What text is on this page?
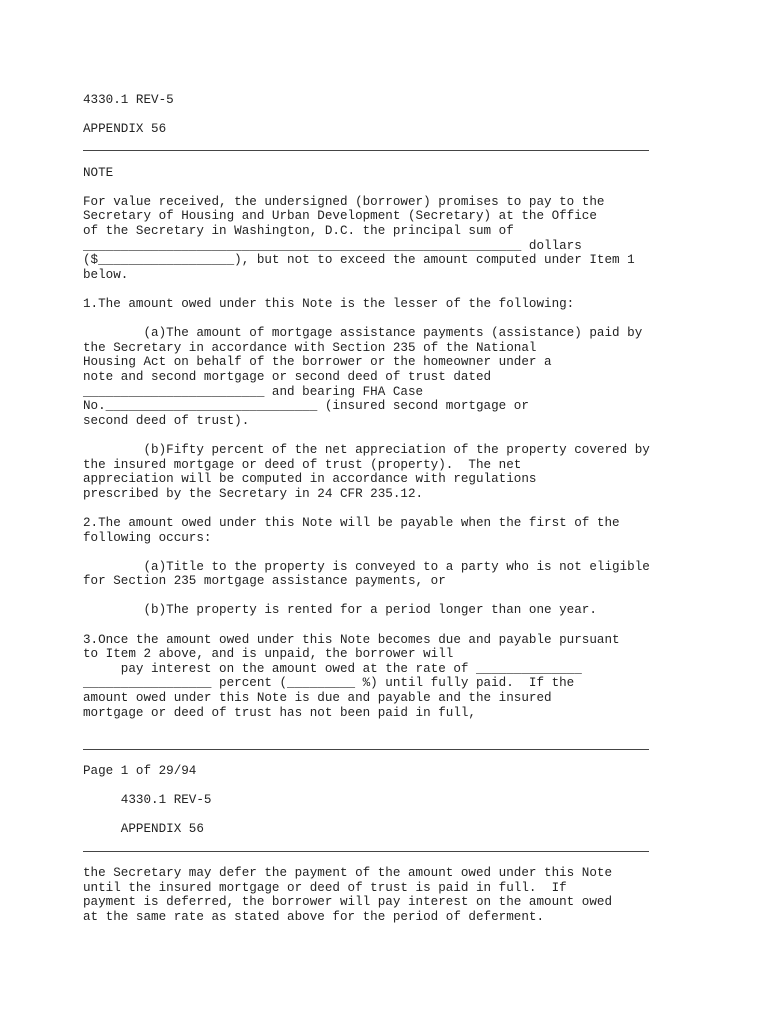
4330.1 REV-5
APPENDIX 56
NOTE
For value received, the undersigned (borrower) promises to pay to the
Secretary of Housing and Urban Development (Secretary) at the Office
of the Secretary in Washington, D.C. the principal sum of
__________________________________________________________ dollars
($__________________), but not to exceed the amount computed under Item 1
below.
1.The amount owed under this Note is the lesser of the following:
(a)The amount of mortgage assistance payments (assistance) paid by
the Secretary in accordance with Section 235 of the National
Housing Act on behalf of the borrower or the homeowner under a
note and second mortgage or second deed of trust dated
________________________ and bearing FHA Case
No.____________________________ (insured second mortgage or
second deed of trust).
(b)Fifty percent of the net appreciation of the property covered by
the insured mortgage or deed of trust (property).  The net
appreciation will be computed in accordance with regulations
prescribed by the Secretary in 24 CFR 235.12.
2.The amount owed under this Note will be payable when the first of the
following occurs:
(a)Title to the property is conveyed to a party who is not eligible
for Section 235 mortgage assistance payments, or
(b)The property is rented for a period longer than one year.
3.Once the amount owed under this Note becomes due and payable pursuant
to Item 2 above, and is unpaid, the borrower will
pay interest on the amount owed at the rate of ______________
_________________ percent (_________ %) until fully paid.  If the
amount owed under this Note is due and payable and the insured
mortgage or deed of trust has not been paid in full,
Page 1 of 29/94
4330.1 REV-5
APPENDIX 56
the Secretary may defer the payment of the amount owed under this Note
until the insured mortgage or deed of trust is paid in full.  If
payment is deferred, the borrower will pay interest on the amount owed
at the same rate as stated above for the period of deferment.
